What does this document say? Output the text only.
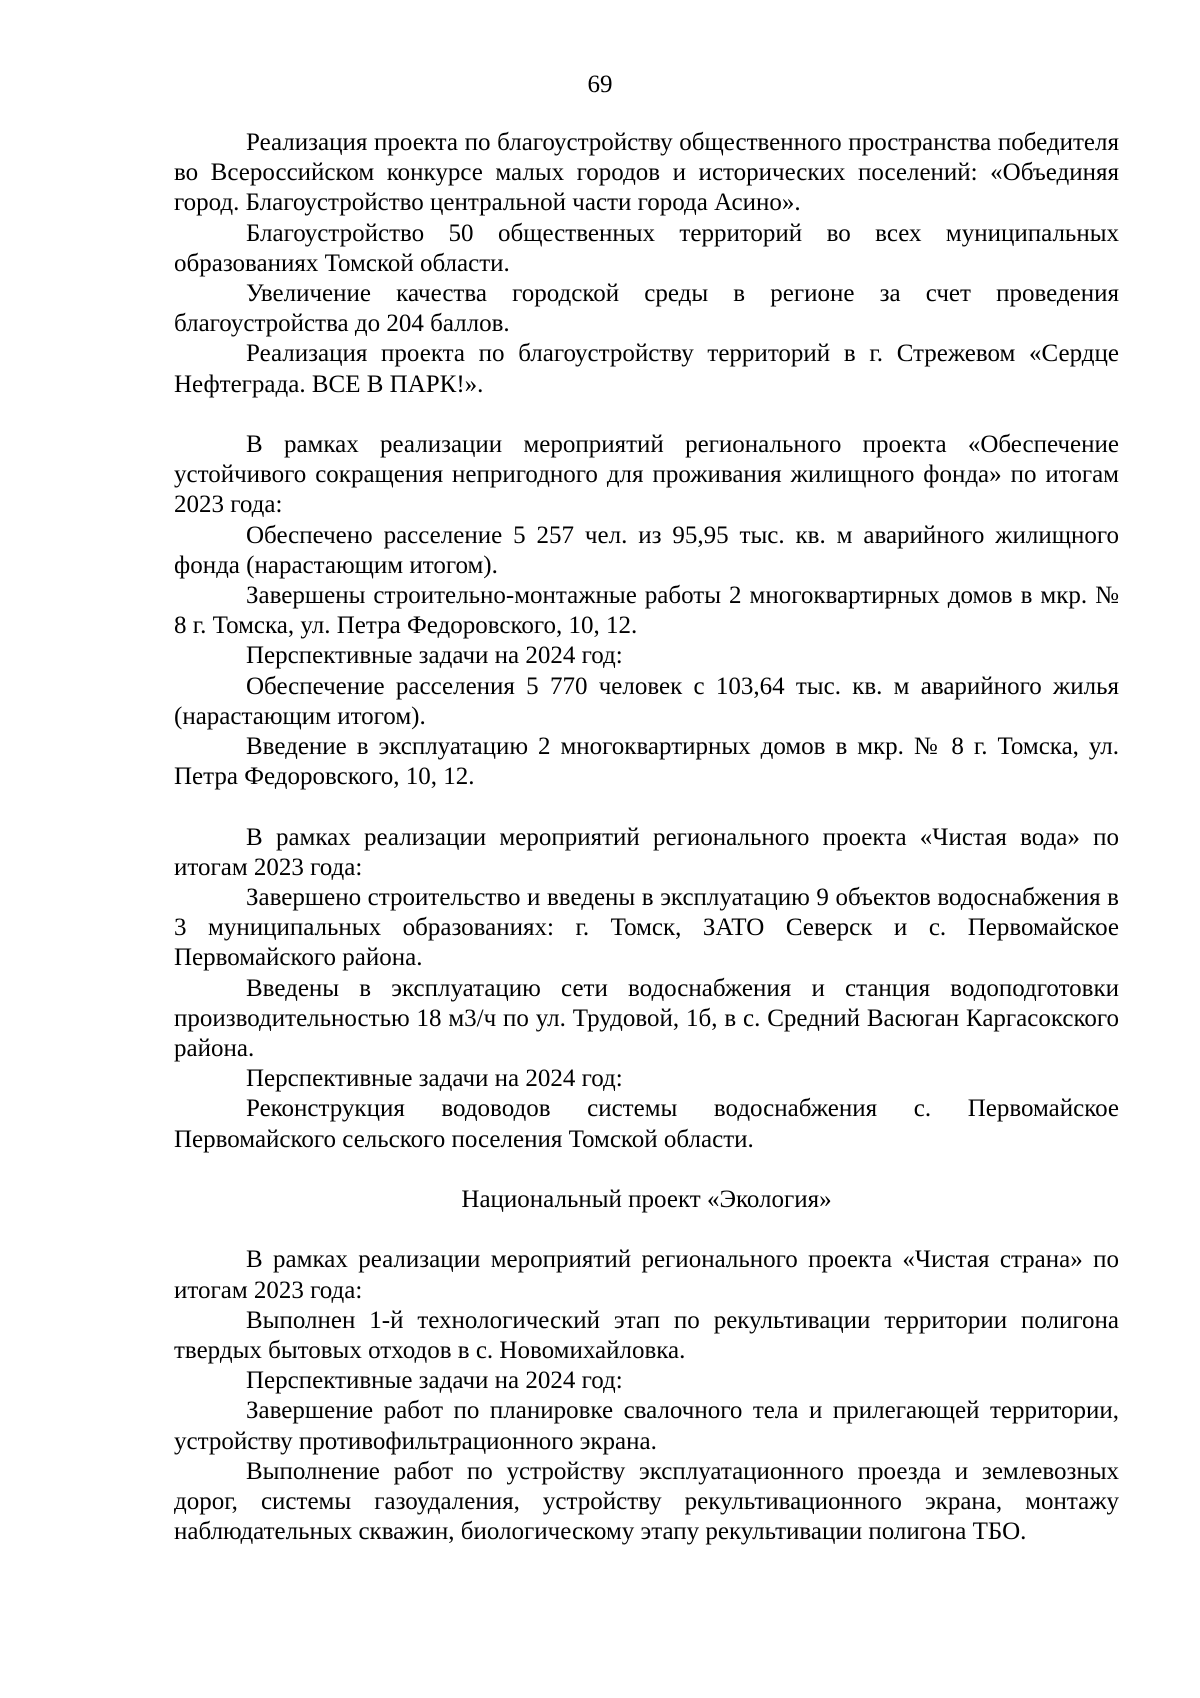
69

Реализация проекта по благоустройству общественного пространства победителя во Всероссийском конкурсе малых городов и исторических поселений: «Объединяя город. Благоустройство центральной части города Асино».

Благоустройство 50 общественных территорий во всех муниципальных образованиях Томской области.

Увеличение качества городской среды в регионе за счет проведения благоустройства до 204 баллов.

Реализация проекта по благоустройству территорий в г. Стрежевом «Сердце Нефтеграда. ВСЕ В ПАРК!».

В рамках реализации мероприятий регионального проекта «Обеспечение устойчивого сокращения непригодного для проживания жилищного фонда» по итогам 2023 года:

Обеспечено расселение 5 257 чел. из 95,95 тыс. кв. м аварийного жилищного фонда (нарастающим итогом).

Завершены строительно-монтажные работы 2 многоквартирных домов в мкр. № 8 г. Томска, ул. Петра Федоровского, 10, 12.

Перспективные задачи на 2024 год:

Обеспечение расселения 5 770 человек с 103,64 тыс. кв. м аварийного жилья (нарастающим итогом).

Введение в эксплуатацию 2 многоквартирных домов в мкр. № 8 г. Томска, ул. Петра Федоровского, 10, 12.

В рамках реализации мероприятий регионального проекта «Чистая вода» по итогам 2023 года:

Завершено строительство и введены в эксплуатацию 9 объектов водоснабжения в 3 муниципальных образованиях: г. Томск, ЗАТО Северск и с. Первомайское Первомайского района.

Введены в эксплуатацию сети водоснабжения и станция водоподготовки производительностью 18 м3/ч по ул. Трудовой, 1б, в с. Средний Васюган Каргасокского района.

Перспективные задачи на 2024 год:

Реконструкция водоводов системы водоснабжения с. Первомайское Первомайского сельского поселения Томской области.

Национальный проект «Экология»

В рамках реализации мероприятий регионального проекта «Чистая страна» по итогам 2023 года:

Выполнен 1-й технологический этап по рекультивации территории полигона твердых бытовых отходов в с. Новомихайловка.

Перспективные задачи на 2024 год:

Завершение работ по планировке свалочного тела и прилегающей территории, устройству противофильтрационного экрана.

Выполнение работ по устройству эксплуатационного проезда и землевозных дорог, системы газоудаления, устройству рекультивационного экрана, монтажу наблюдательных скважин, биологическому этапу рекультивации полигона ТБО.
